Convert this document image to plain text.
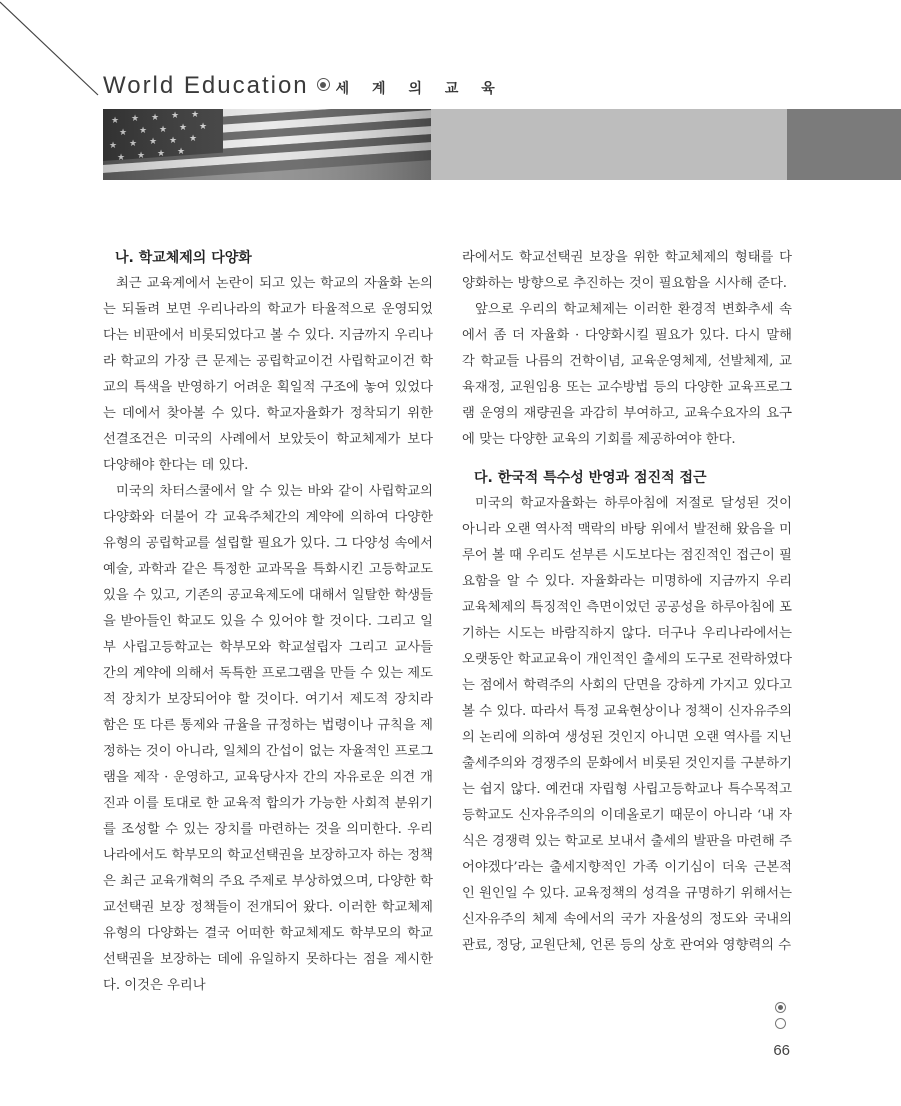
World Education 세 계 의 교 육
나. 학교체제의 다양화

최근 교육계에서 논란이 되고 있는 학교의 자율화 논의는 되돌려 보면 우리나라의 학교가 타율적으로 운영되었다는 비판에서 비롯되었다고 볼 수 있다. 지금까지 우리나라 학교의 가장 큰 문제는 공립학교이건 사립학교이건 학교의 특색을 반영하기 어려운 획일적 구조에 놓여 있었다는 데에서 찾아볼 수 있다. 학교자율화가 정착되기 위한 선결조건은 미국의 사례에서 보았듯이 학교체제가 보다 다양해야 한다는 데 있다.

미국의 차터스쿨에서 알 수 있는 바와 같이 사립학교의 다양화와 더불어 각 교육주체간의 계약에 의하여 다양한 유형의 공립학교를 설립할 필요가 있다. 그 다양성 속에서 예술, 과학과 같은 특정한 교과목을 특화시킨 고등학교도 있을 수 있고, 기존의 공교육제도에 대해서 일탈한 학생들을 받아들인 학교도 있을 수 있어야 할 것이다. 그리고 일부 사립고등학교는 학부모와 학교설립자 그리고 교사들 간의 계약에 의해서 독특한 프로그램을 만들 수 있는 제도적 장치가 보장되어야 할 것이다. 여기서 제도적 장치라 함은 또 다른 통제와 규율을 규정하는 법령이나 규칙을 제정하는 것이 아니라, 일체의 간섭이 없는 자율적인 프로그램을 제작 · 운영하고, 교육당사자 간의 자유로운 의견 개진과 이를 토대로 한 교육적 합의가 가능한 사회적 분위기를 조성할 수 있는 장치를 마련하는 것을 의미한다. 우리나라에서도 학부모의 학교선택권을 보장하고자 하는 정책은 최근 교육개혁의 주요 주제로 부상하였으며, 다양한 학교선택권 보장 정책들이 전개되어 왔다. 이러한 학교체제 유형의 다양화는 결국 어떠한 학교체제도 학부모의 학교선택권을 보장하는 데에 유일하지 못하다는 점을 제시한다. 이것은 우리나

라에서도 학교선택권 보장을 위한 학교체제의 형태를 다양화하는 방향으로 추진하는 것이 필요함을 시사해 준다.

앞으로 우리의 학교체제는 이러한 환경적 변화추세 속에서 좀 더 자율화 · 다양화시킬 필요가 있다. 다시 말해 각 학교들 나름의 건학이념, 교육운영체제, 선발체제, 교육재정, 교원임용 또는 교수방법 등의 다양한 교육프로그램 운영의 재량권을 과감히 부여하고, 교육수요자의 요구에 맞는 다양한 교육의 기회를 제공하여야 한다.

다. 한국적 특수성 반영과 점진적 접근

미국의 학교자율화는 하루아침에 저절로 달성된 것이 아니라 오랜 역사적 맥락의 바탕 위에서 발전해 왔음을 미루어 볼 때 우리도 섣부른 시도보다는 점진적인 접근이 필요함을 알 수 있다. 자율화라는 미명하에 지금까지 우리 교육체제의 특징적인 측면이었던 공공성을 하루아침에 포기하는 시도는 바람직하지 않다. 더구나 우리나라에서는 오랫동안 학교교육이 개인적인 출세의 도구로 전락하였다는 점에서 학력주의 사회의 단면을 강하게 가지고 있다고 볼 수 있다. 따라서 특정 교육현상이나 정책이 신자유주의의 논리에 의하여 생성된 것인지 아니면 오랜 역사를 지닌 출세주의와 경쟁주의 문화에서 비롯된 것인지를 구분하기는 쉽지 않다. 예컨대 자립형 사립고등학교나 특수목적고등학교도 신자유주의의 이데올로기 때문이 아니라 ‘내 자식은 경쟁력 있는 학교로 보내서 출세의 발판을 마련해 주어야겠다’라는 출세지향적인 가족 이기심이 더욱 근본적인 원인일 수 있다. 교육정책의 성격을 규명하기 위해서는 신자유주의 체제 속에서의 국가 자율성의 정도와 국내의 관료, 정당, 교원단체, 언론 등의 상호 관여와 영향력의 수

66
